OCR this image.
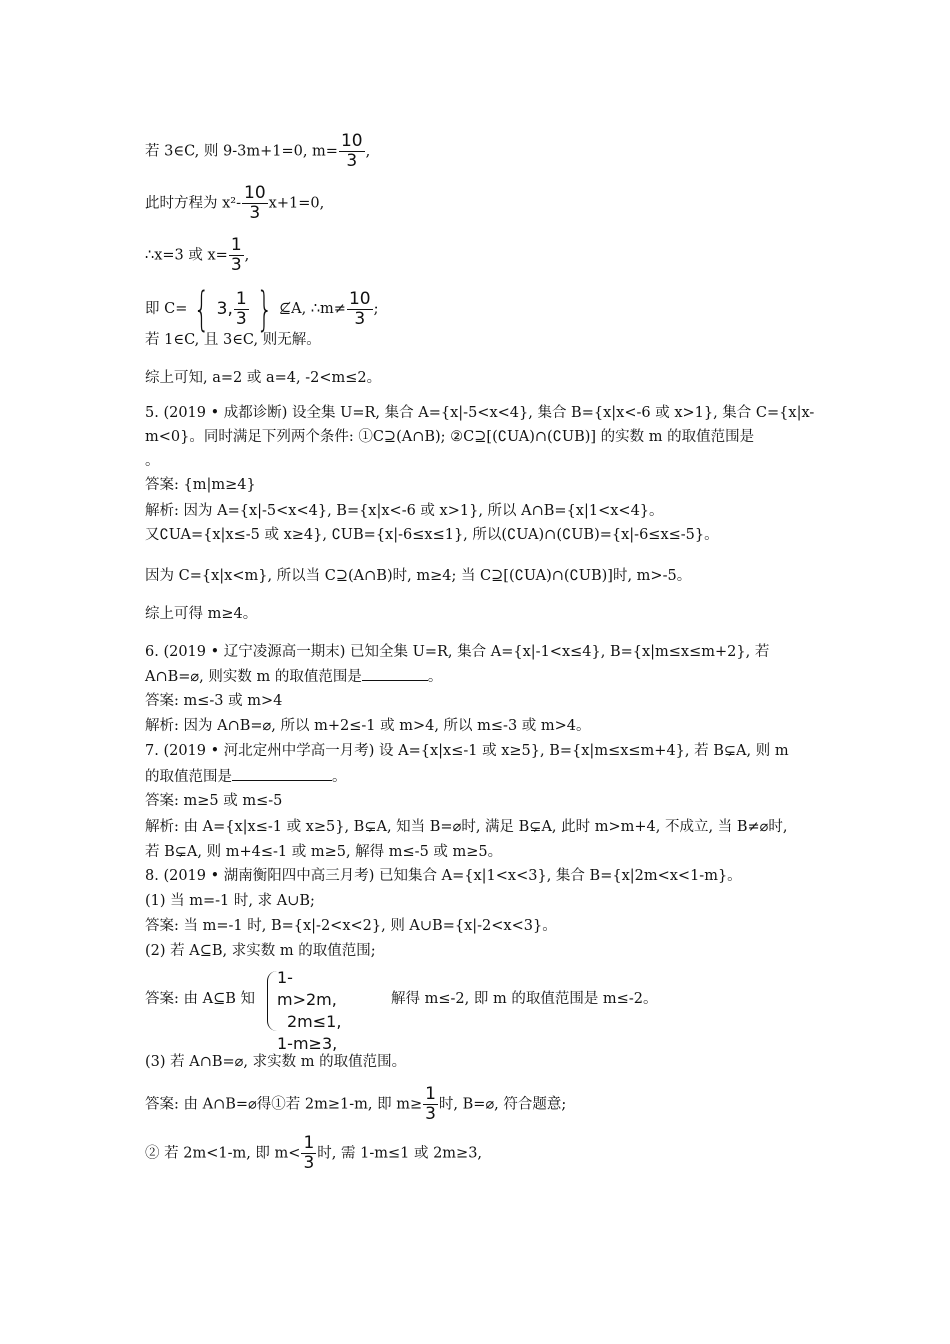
若 3∈C, 则 9-3m+1=0, $m= \frac{10}{3}$ ,
此时方程为 $x^2- \frac{10}{3} x+1=0$,
∴x=3 或 $x= \frac{1}{3}$ ,
即 C= { 3, $\frac{1}{3}$ } ⊈A, ∴m≠ $\frac{10}{3}$ ;
若 1∈C, 且 3∈C, 则无解。
综上可知, a=2 或 a=4, -2<m≤2。
5. (2019 • 成都诊断) 设全集 U=R, 集合 A={x|-5<x<4}, 集合 B={x|x<-6 或 x>1}, 集合 C={x|x-
m<0}。同时满足下列两个条件: ①C⊇(A∩B); ②C⊇[(∁UA)∩(∁UB)] 的实数 m 的取值范围是
。
答案: {m|m≥4}
解析: 因为 A={x|-5<x<4}, B={x|x<-6 或 x>1}, 所以 A∩B={x|1<x<4}。
又∁UA={x|x≤-5 或 x≥4}, ∁UB={x|-6≤x≤1}, 所以(∁UA)∩(∁UB)={x|-6≤x≤-5}。
因为 C={x|x<m}, 所以当 C⊇(A∩B)时, m≥4; 当 C⊇[(∁UA)∩(∁UB)]时, m>-5。
综上可得 m≥4。
6. (2019 • 辽宁凌源高一期末) 已知全集 U=R, 集合 A={x|-1<x≤4}, B={x|m≤x≤m+2}, 若
A∩B=⌀, 则实数 m 的取值范围是	。
答案: m≤-3 或 m>4
解析: 因为 A∩B=⌀, 所以 m+2≤-1 或 m>4, 所以 m≤-3 或 m>4。
7. (2019 • 河北定州中学高一月考) 设 A={x|x≤-1 或 x≥5}, B={x|m≤x≤m+4}, 若 B⊊A, 则 m
的取值范围是	。
答案: m≥5 或 m≤-5
解析: 由 A={x|x≤-1 或 x≥5}, B⊊A, 知当 B=⌀时, 满足 B⊊A, 此时 m>m+4, 不成立, 当 B≠⌀时,
若 B⊊A, 则 m+4≤-1 或 m≥5, 解得 m≤-5 或 m≥5。
8. (2019 • 湖南衡阳四中高三月考) 已知集合 A={x|1<x<3}, 集合 B={x|2m<x<1-m}。
(1) 当 m=-1 时, 求 A∪B;
答案: 当 m=-1 时, B={x|-2<x<2}, 则 A∪B={x|-2<x<3}。
(2) 若 A⊆B, 求实数 m 的取值范围;
答案: 由 A⊆B 知
1-m>2m,
2m≤1,
1-m≥3,
解得 m≤-2, 即 m 的取值范围是 m≤-2。
(3) 若 A∩B=⌀, 求实数 m 的取值范围。
答案: 由 A∩B=⌀得①若 2m≥1-m, 即 $m\ge \frac{1}{3}$ 时, B=⌀, 符合题意;
② 若 2m<1-m, 即 $m< \frac{1}{3}$ 时, 需 1-m≤1 或 2m≥3,
